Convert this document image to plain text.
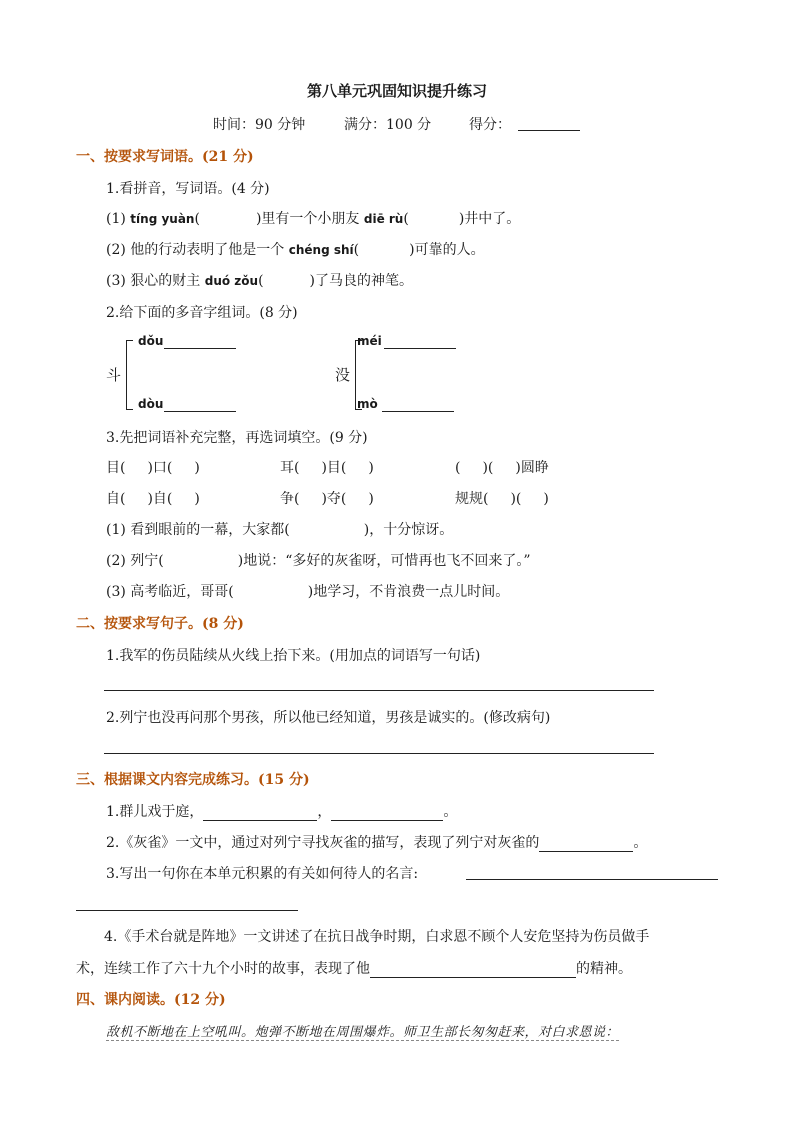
第八单元巩固知识提升练习
时间：90 分钟	满分：100 分	得分：
一、按要求写词语。(21 分)
1.看拼音，写词语。(4 分)
(1) tíng yuàn(	)里有一个小朋友 diē rù(	)井中了。
(2) 他的行动表明了他是一个 chéng shí(	)可靠的人。
(3) 狠心的财主 duó zǒu(	)了马良的神笔。
2.给下面的多音字组词。(8 分)
斗
dǒu
dòu
没
méi
mò
3.先把词语补充完整，再选词填空。(9 分)
目( )口( )	耳( )目( )	( )( )圆睁
自( )自( )	争( )夺( )	规规( )( )
(1) 看到眼前的一幕，大家都(	)，十分惊讶。
(2) 列宁(	)地说：“多好的灰雀呀，可惜再也飞不回来了。”
(3) 高考临近，哥哥(	)地学习，不肯浪费一点儿时间。
二、按要求写句子。(8 分)
1.我军的伤员陆续从火线上抬下来。(用加点的词语写一句话)
2.列宁也没再问那个男孩，所以他已经知道，男孩是诚实的。(修改病句)
三、根据课文内容完成练习。(15 分)
1.群儿戏于庭，	，	。
2.《灰雀》一文中，通过对列宁寻找灰雀的描写，表现了列宁对灰雀的	。
3.写出一句你在本单元积累的有关如何待人的名言:
4.《手术台就是阵地》一文讲述了在抗日战争时期，白求恩不顾个人安危坚持为伤员做手
术，连续工作了六十九个小时的故事，表现了他	的精神。
四、课内阅读。(12 分)
敌机不断地在上空吼叫。炮弹不断地在周围爆炸。师卫生部长匆匆赶来，对白求恩说：
